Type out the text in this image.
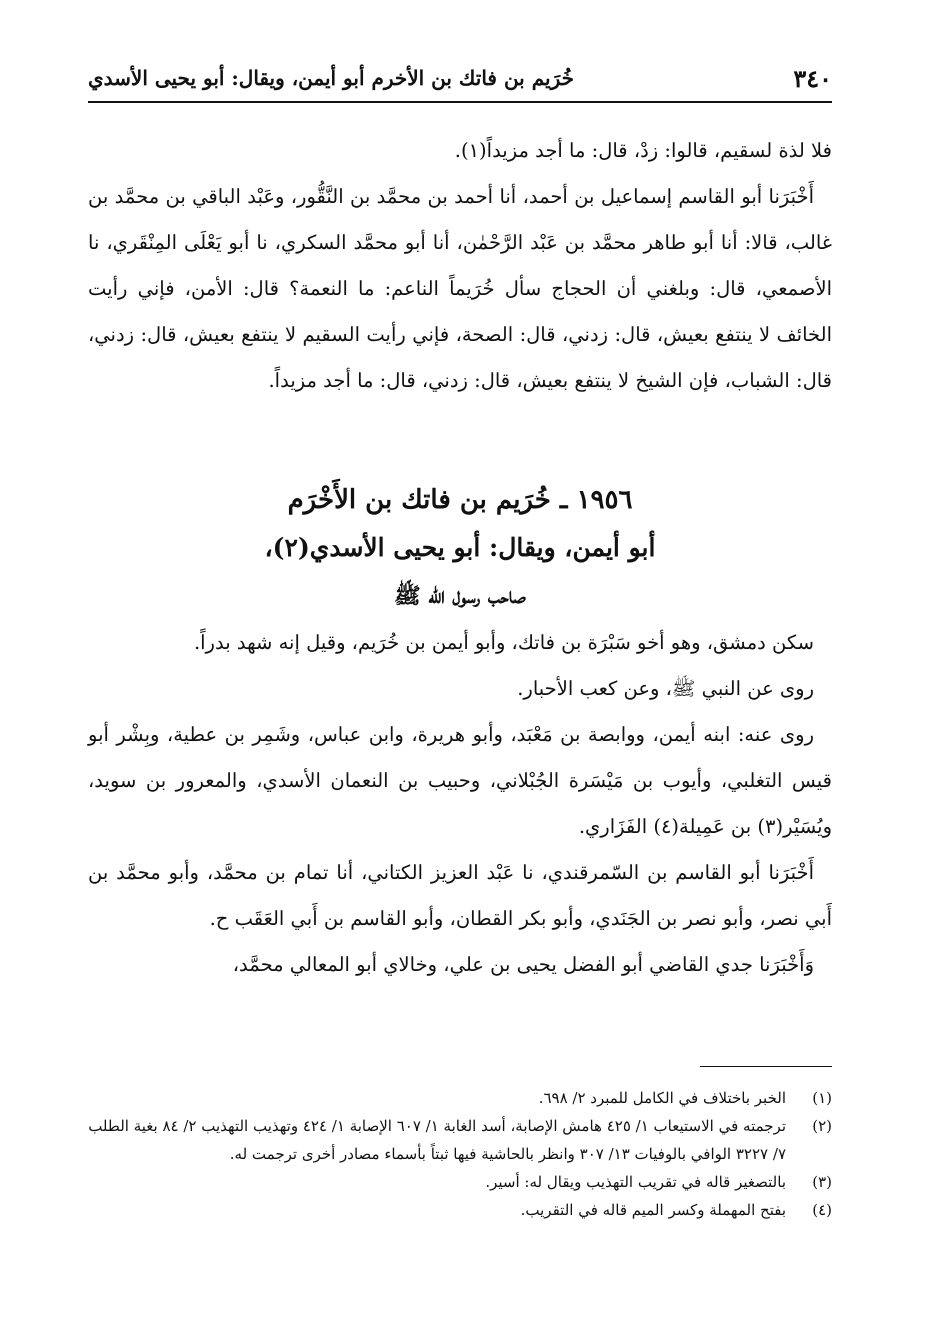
٣٤٠
خُرَيم بن فاتك بن الأخرم أبو أيمن، ويقال: أبو يحيى الأسدي

فلا لذة لسقيم، قالوا: زدْ، قال: ما أجد مزيداً(١).

أَخْبَرَنا أبو القاسم إسماعيل بن أحمد، أنا أحمد بن محمَّد بن النَّقُّور، وعَبْد الباقي بن محمَّد بن غالب، قالا: أنا أبو طاهر محمَّد بن عَبْد الرَّحْمٰن، أنا أبو محمَّد السكري، نا أبو يَعْلَى المِنْقَري، نا الأصمعي، قال: وبلغني أن الحجاج سأل خُرَيماً الناعم: ما النعمة؟ قال: الأمن، فإني رأيت الخائف لا ينتفع بعيش، قال: زدني، قال: الصحة، فإني رأيت السقيم لا ينتفع بعيش، قال: زدني، قال: الشباب، فإن الشيخ لا ينتفع بعيش، قال: زدني، قال: ما أجد مزيداً.

١٩٥٦ ـ خُرَيم بن فاتك بن الأَخْرَم
أبو أيمن، ويقال: أبو يحيى الأسدي(٢)،
صاحب رسول الله ﷺ

سكن دمشق، وهو أخو سَبْرَة بن فاتك، وأبو أيمن بن خُرَيم، وقيل إنه شهد بدراً.

روى عن النبي ﷺ، وعن كعب الأحبار.

روى عنه: ابنه أيمن، ووابصة بن مَعْبَد، وأبو هريرة، وابن عباس، وشَمِر بن عطية، وبِشْر أبو قيس التغلبي، وأيوب بن مَيْسَرة الجُبْلاني، وحبيب بن النعمان الأسدي، والمعرور بن سويد، ويُسَيْر(٣) بن عَمِيلة(٤) الفَزَاري.

أَخْبَرَنا أبو القاسم بن السّمرقندي، نا عَبْد العزيز الكتاني، أنا تمام بن محمَّد، وأبو محمَّد بن أَبي نصر، وأبو نصر بن الجَنَدي، وأبو بكر القطان، وأبو القاسم بن أَبي العَقَب ح.

وَأَخْبَرَنا جدي القاضي أبو الفضل يحيى بن علي، وخالاي أبو المعالي محمَّد،

(١)
الخبر باختلاف في الكامل للمبرد ٢/ ٦٩٨.

(٢)
ترجمته في الاستيعاب ١/ ٤٢٥ هامش الإصابة، أسد الغابة ١/ ٦٠٧ الإصابة ١/ ٤٢٤ وتهذيب التهذيب ٢/ ٨٤ بغية الطلب ٧/ ٣٢٢٧ الوافي بالوفيات ١٣/ ٣٠٧ وانظر بالحاشية فيها ثبتاً بأسماء مصادر أخرى ترجمت له.

(٣)
بالتصغير قاله في تقريب التهذيب ويقال له: أسير.

(٤)
بفتح المهملة وكسر الميم قاله في التقريب.
